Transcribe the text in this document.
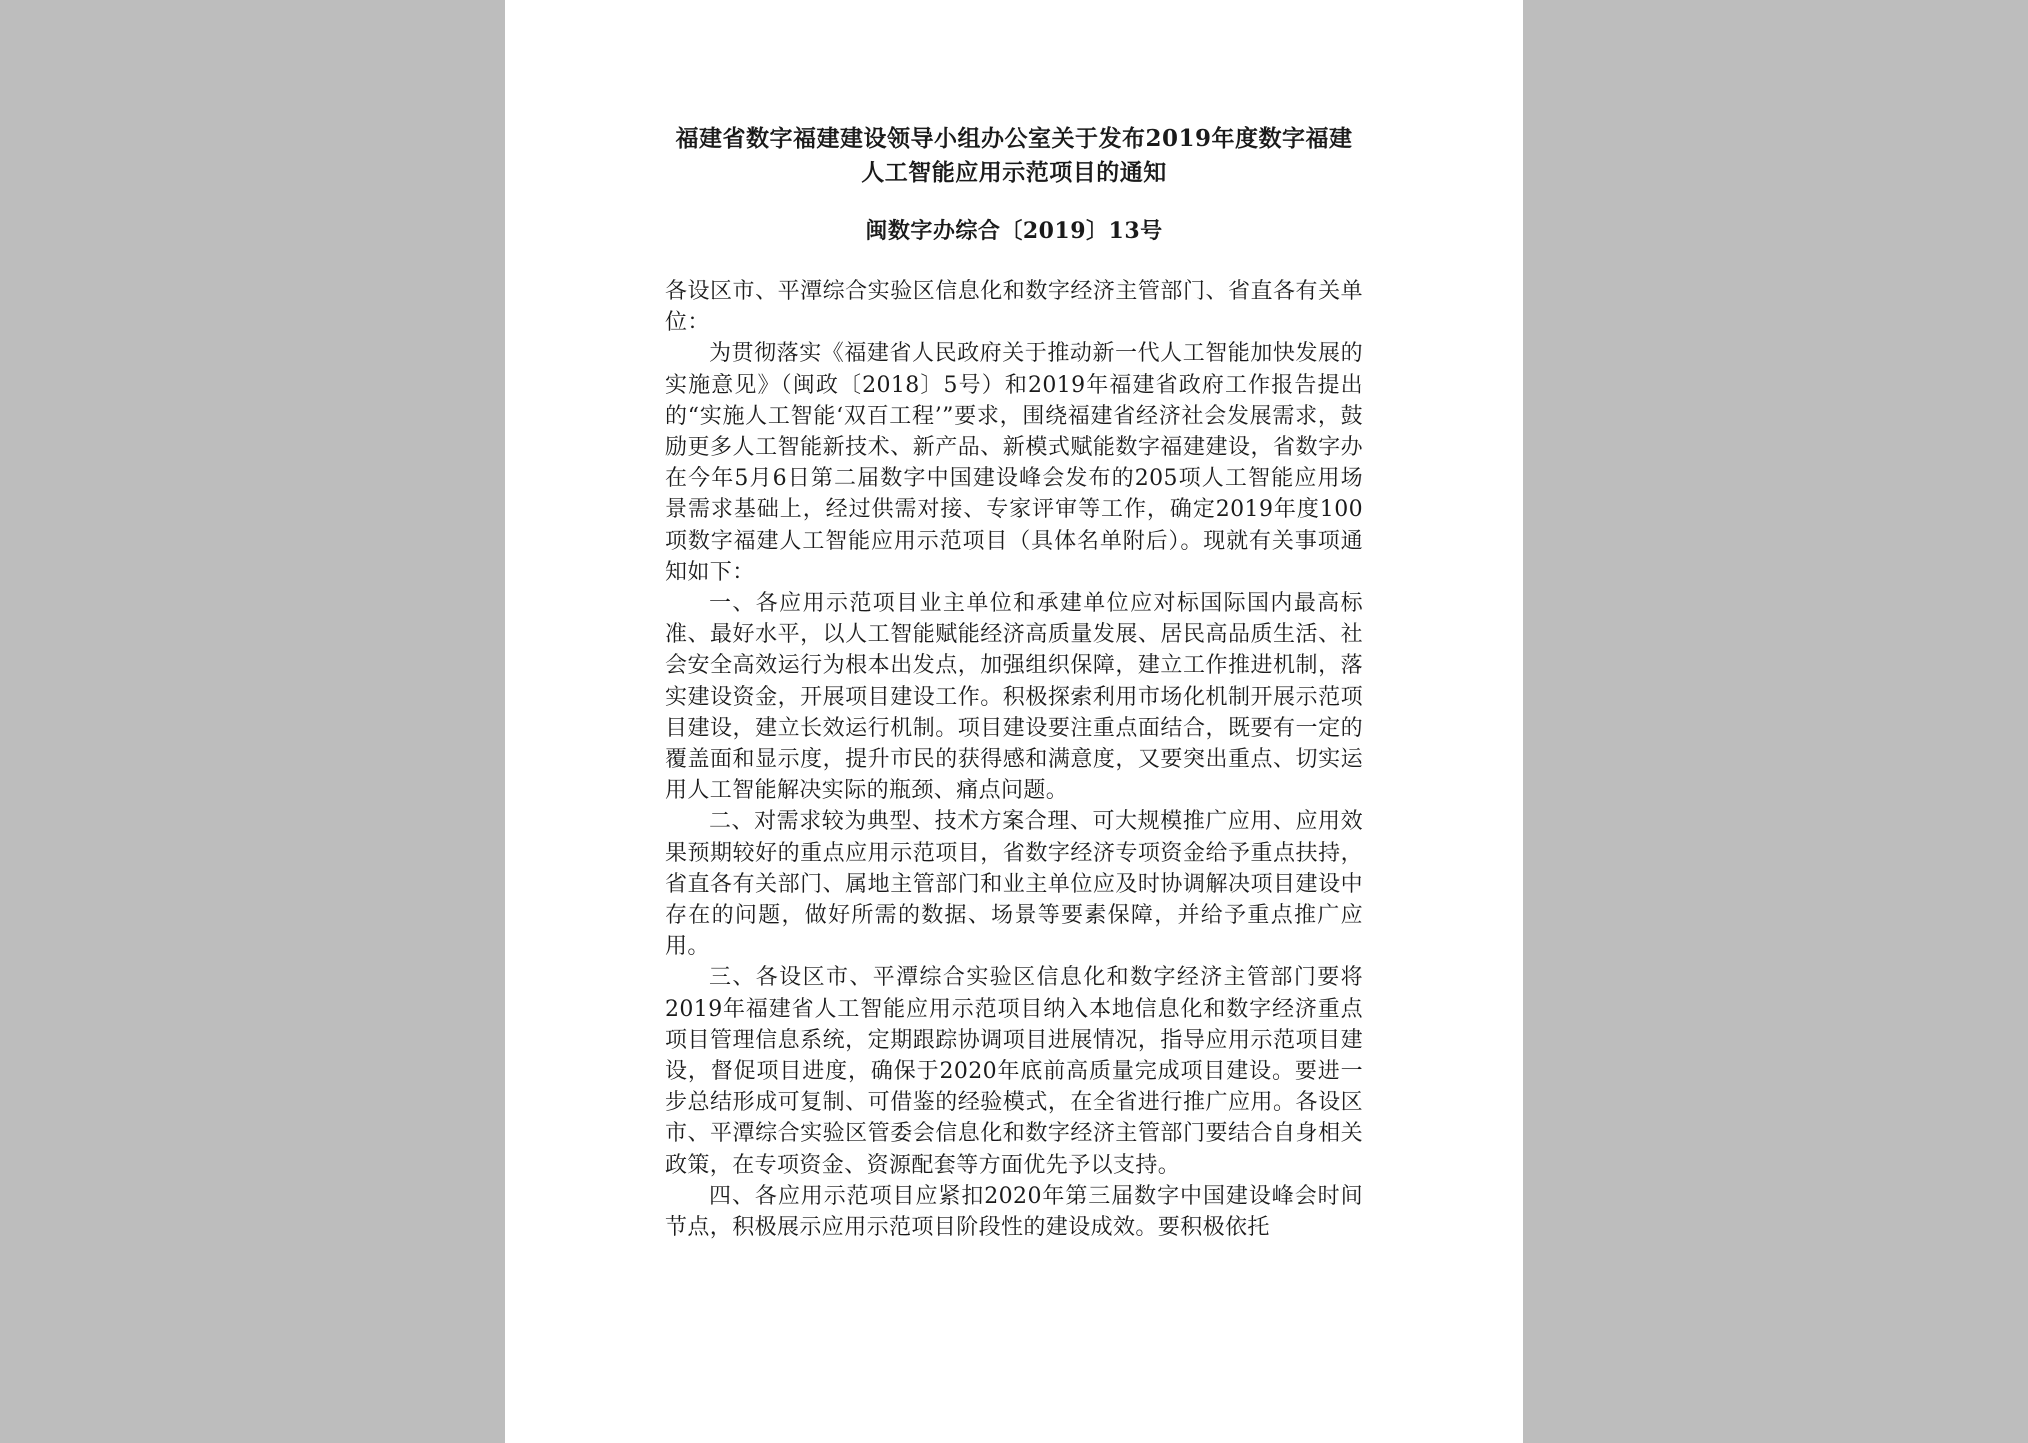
福建省数字福建建设领导小组办公室关于发布2019年度数字福建
人工智能应用示范项目的通知
闽数字办综合〔2019〕13号

各设区市、平潭综合实验区信息化和数字经济主管部门、省直各有关单位：

为贯彻落实《福建省人民政府关于推动新一代人工智能加快发展的实施意见》（闽政〔2018〕5号）和2019年福建省政府工作报告提出的“实施人工智能‘双百工程’”要求，围绕福建省经济社会发展需求，鼓励更多人工智能新技术、新产品、新模式赋能数字福建建设，省数字办在今年5月6日第二届数字中国建设峰会发布的205项人工智能应用场景需求基础上，经过供需对接、专家评审等工作，确定2019年度100项数字福建人工智能应用示范项目（具体名单附后）。现就有关事项通知如下：

一、各应用示范项目业主单位和承建单位应对标国际国内最高标准、最好水平，以人工智能赋能经济高质量发展、居民高品质生活、社会安全高效运行为根本出发点，加强组织保障，建立工作推进机制，落实建设资金，开展项目建设工作。积极探索利用市场化机制开展示范项目建设，建立长效运行机制。项目建设要注重点面结合，既要有一定的覆盖面和显示度，提升市民的获得感和满意度，又要突出重点、切实运用人工智能解决实际的瓶颈、痛点问题。

二、对需求较为典型、技术方案合理、可大规模推广应用、应用效果预期较好的重点应用示范项目，省数字经济专项资金给予重点扶持，省直各有关部门、属地主管部门和业主单位应及时协调解决项目建设中存在的问题，做好所需的数据、场景等要素保障，并给予重点推广应用。

三、各设区市、平潭综合实验区信息化和数字经济主管部门要将2019年福建省人工智能应用示范项目纳入本地信息化和数字经济重点项目管理信息系统，定期跟踪协调项目进展情况，指导应用示范项目建设，督促项目进度，确保于2020年底前高质量完成项目建设。要进一步总结形成可复制、可借鉴的经验模式，在全省进行推广应用。各设区市、平潭综合实验区管委会信息化和数字经济主管部门要结合自身相关政策，在专项资金、资源配套等方面优先予以支持。

四、各应用示范项目应紧扣2020年第三届数字中国建设峰会时间节点，积极展示应用示范项目阶段性的建设成效。要积极依托
